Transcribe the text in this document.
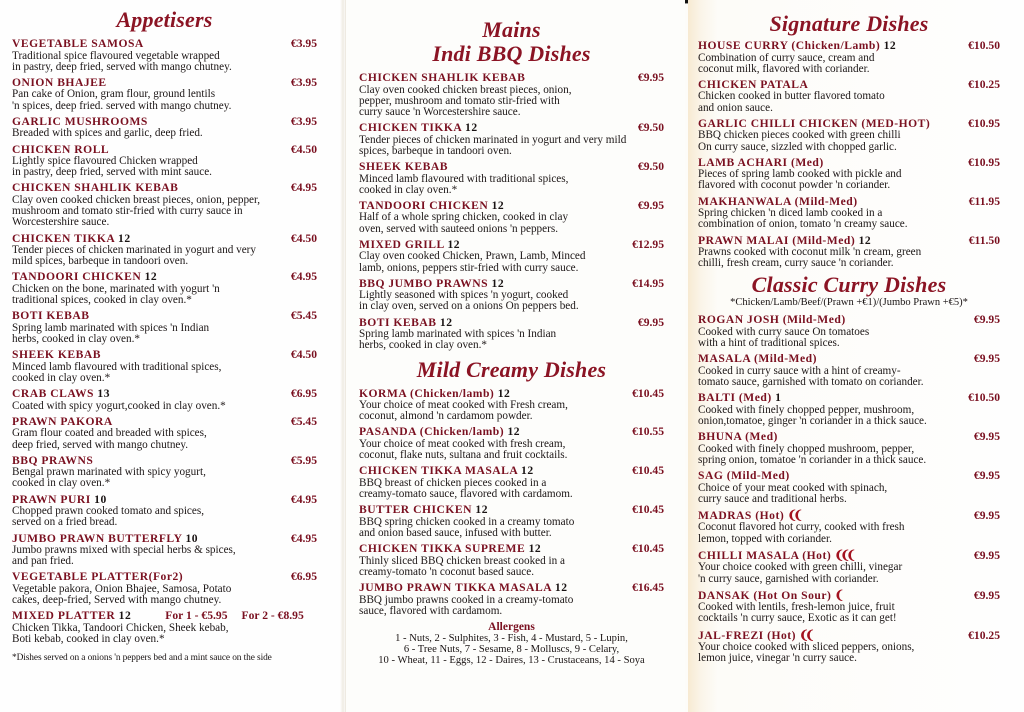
Appetisers
VEGETABLE SAMOSA	€3.95
Traditional spice flavoured vegetable wrapped
in pastry, deep fried, served with mango chutney.
ONION BHAJEE	€3.95
Pan cake of Onion, gram flour, ground lentils
'n spices, deep fried. served with mango chutney.
GARLIC MUSHROOMS	€3.95
Breaded with spices and garlic, deep fried.
CHICKEN ROLL	€4.50
Lightly spice flavoured Chicken wrapped
in pastry, deep fried, served with mint sauce.
CHICKEN SHAHLIK KEBAB	€4.95
Clay oven cooked chicken breast pieces, onion, pepper,
mushroom and tomato stir-fried with curry sauce in
Worcestershire sauce.
CHICKEN TIKKA 12	€4.50
Tender pieces of chicken marinated in yogurt and very
mild spices, barbeque in tandoori oven.
TANDOORI CHICKEN 12	€4.95
Chicken on the bone, marinated with yogurt 'n
traditional spices, cooked in clay oven.*
BOTI KEBAB	€5.45
Spring lamb marinated with spices 'n Indian
herbs, cooked in clay oven.*
SHEEK KEBAB	€4.50
Minced lamb flavoured with traditional spices,
cooked in clay oven.*
CRAB CLAWS 13	€6.95
Coated with spicy yogurt,cooked in clay oven.*
PRAWN PAKORA	€5.45
Gram flour coated and breaded with spices,
deep fried, served with mango chutney.
BBQ PRAWNS	€5.95
Bengal prawn marinated with spicy yogurt,
cooked in clay oven.*
PRAWN PURI 10	€4.95
Chopped prawn cooked tomato and spices,
served on a fried bread.
JUMBO PRAWN BUTTERFLY 10	€4.95
Jumbo prawns mixed with special herbs & spices,
and pan fried.
VEGETABLE PLATTER(For2)	€6.95
Vegetable pakora, Onion Bhajee, Samosa, Potato
cakes, deep-fried, Served with mango chutney.
MIXED PLATTER 12	For 1 - €5.95 For 2 - €8.95
Chicken Tikka, Tandoori Chicken, Sheek kebab,
Boti kebab, cooked in clay oven.*
*Dishes served on a onions 'n peppers bed and a mint sauce on the side
Mains
Indi BBQ Dishes
CHICKEN SHAHLIK KEBAB	€9.95
Clay oven cooked chicken breast pieces, onion,
pepper, mushroom and tomato stir-fried with
curry sauce 'n Worcestershire sauce.
CHICKEN TIKKA 12	€9.50
Tender pieces of chicken marinated in yogurt and very mild
spices, barbeque in tandoori oven.
SHEEK KEBAB	€9.50
Minced lamb flavoured with traditional spices,
cooked in clay oven.*
TANDOORI CHICKEN 12	€9.95
Half of a whole spring chicken, cooked in clay
oven, served with sauteed onions 'n peppers.
MIXED GRILL 12	€12.95
Clay oven cooked Chicken, Prawn, Lamb, Minced
lamb, onions, peppers stir-fried with curry sauce.
BBQ JUMBO PRAWNS 12	€14.95
Lightly seasoned with spices 'n yogurt, cooked
in clay oven, served on a onions On peppers bed.
BOTI KEBAB 12	€9.95
Spring lamb marinated with spices 'n Indian
herbs, cooked in clay oven.*
Mild Creamy Dishes
KORMA (Chicken/lamb) 12	€10.45
Your choice of meat cooked with Fresh cream,
coconut, almond 'n cardamom powder.
PASANDA (Chicken/lamb) 12	€10.55
Your choice of meat cooked with fresh cream,
coconut, flake nuts, sultana and fruit cocktails.
CHICKEN TIKKA MASALA 12	€10.45
BBQ breast of chicken pieces cooked in a
creamy-tomato sauce, flavored with cardamom.
BUTTER CHICKEN 12	€10.45
BBQ spring chicken cooked in a creamy tomato
and onion based sauce, infused with butter.
CHICKEN TIKKA SUPREME 12	€10.45
Thinly sliced BBQ chicken breast cooked in a
creamy-tomato 'n coconut based sauce.
JUMBO PRAWN TIKKA MASALA 12	€16.45
BBQ jumbo prawns cooked in a creamy-tomato
sauce, flavored with cardamom.
Allergens
1 - Nuts, 2 - Sulphites, 3 - Fish, 4 - Mustard, 5 - Lupin,
6 - Tree Nuts, 7 - Sesame, 8 - Molluscs, 9 - Celary,
10 - Wheat, 11 - Eggs, 12 - Daires, 13 - Crustaceans, 14 - Soya
Signature Dishes
HOUSE CURRY (Chicken/Lamb) 12	€10.50
Combination of curry sauce, cream and
coconut milk, flavored with coriander.
CHICKEN PATALA	€10.25
Chicken cooked in butter flavored tomato
and onion sauce.
GARLIC CHILLI CHICKEN (MED-HOT)	€10.95
BBQ chicken pieces cooked with green chilli
On curry sauce, sizzled with chopped garlic.
LAMB ACHARI (Med)	€10.95
Pieces of spring lamb cooked with pickle and
flavored with coconut powder 'n coriander.
MAKHANWALA (Mild-Med)	€11.95
Spring chicken 'n diced lamb cooked in a
combination of onion, tomato 'n creamy sauce.
PRAWN MALAI (Mild-Med) 12	€11.50
Prawns cooked with coconut milk 'n cream, green
chilli, fresh cream, curry sauce 'n coriander.
Classic Curry Dishes
*Chicken/Lamb/Beef/(Prawn +€1)/(Jumbo Prawn +€5)*
ROGAN JOSH (Mild-Med)	€9.95
Cooked with curry sauce On tomatoes
with a hint of traditional spices.
MASALA (Mild-Med)	€9.95
Cooked in curry sauce with a hint of creamy-
tomato sauce, garnished with tomato on coriander.
BALTI (Med) 1	€10.50
Cooked with finely chopped pepper, mushroom,
onion,tomatoe, ginger 'n coriander in a thick sauce.
BHUNA (Med)	€9.95
Cooked with finely chopped mushroom, pepper,
spring onion, tomatoe 'n coriander in a thick sauce.
SAG (Mild-Med)	€9.95
Choice of your meat cooked with spinach,
curry sauce and traditional herbs.
MADRAS (Hot) ❨❨	€9.95
Coconut flavored hot curry, cooked with fresh
lemon, topped with coriander.
CHILLI MASALA (Hot) ❨❨❨	€9.95
Your choice cooked with green chilli, vinegar
'n curry sauce, garnished with coriander.
DANSAK (Hot On Sour) ❨	€9.95
Cooked with lentils, fresh-lemon juice, fruit
cocktails 'n curry sauce, Exotic as it can get!
JAL-FREZI (Hot) ❨❨	€10.25
Your choice cooked with sliced peppers, onions,
lemon juice, vinegar 'n curry sauce.
